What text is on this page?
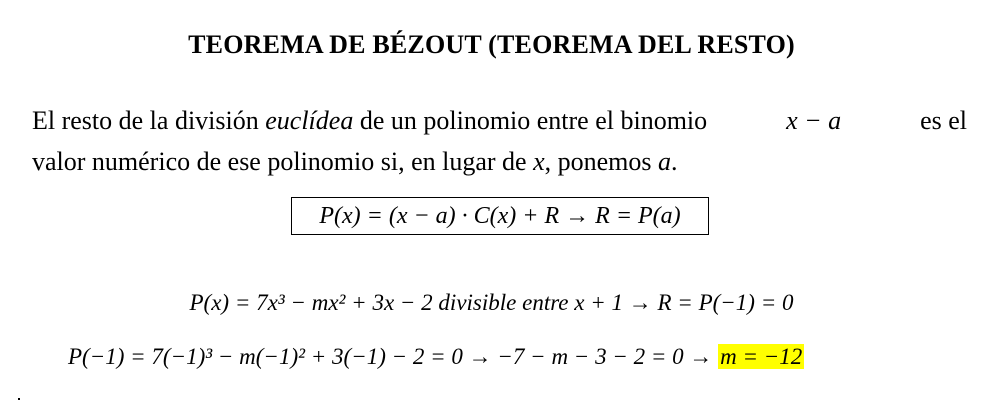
TEOREMA DE BÉZOUT (TEOREMA DEL RESTO)
El resto de la división euclídea de un polinomio entre el binomio	x − a	es el
valor numérico de ese polinomio si, en lugar de x, ponemos a.
P(x) = (x − a) · C(x) + R → R = P(a)
P(x) = 7x³ − mx² + 3x − 2 divisible entre x + 1 → R = P(−1) = 0
P(−1) = 7(−1)³ − m(−1)² + 3(−1) − 2 = 0 → −7 − m − 3 − 2 = 0 → m = −12
